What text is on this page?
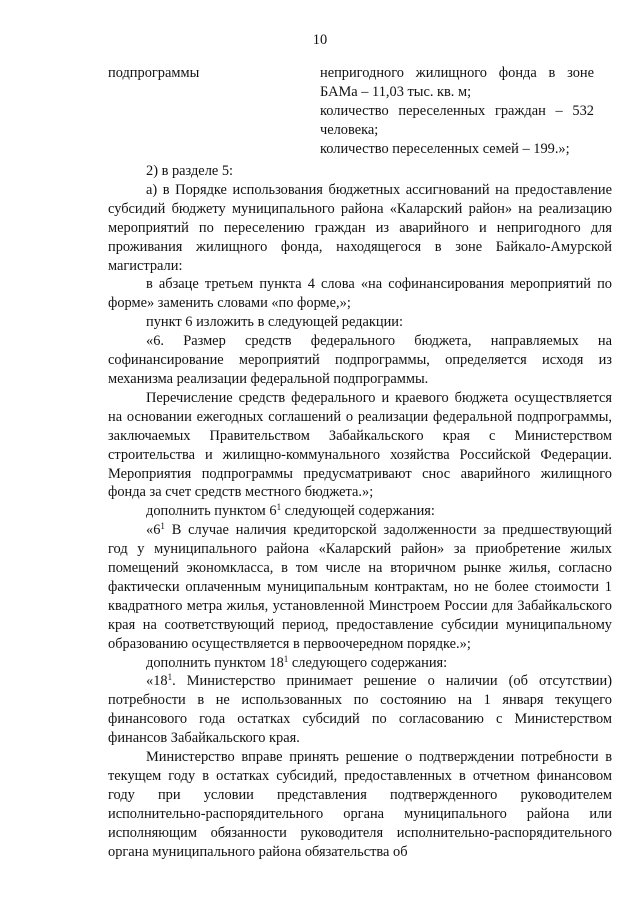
10
подпрограммы	непригодного жилищного фонда в зоне БАМа – 11,03 тыс. кв. м;

количество переселенных граждан – 532 человека;

количество переселенных семей – 199.»;

2) в разделе 5:

а) в Порядке использования бюджетных ассигнований на предоставление субсидий бюджету муниципального района «Каларский район» на реализацию мероприятий по переселению граждан из аварийного и непригодного для проживания жилищного фонда, находящегося в зоне Байкало-Амурской магистрали:

в абзаце третьем пункта 4 слова «на софинансирования мероприятий по форме» заменить словами «по форме,»;

пункт 6 изложить в следующей редакции:

«6. Размер средств федерального бюджета, направляемых на софинансирование мероприятий подпрограммы, определяется исходя из механизма реализации федеральной подпрограммы.

Перечисление средств федерального и краевого бюджета осуществляется на основании ежегодных соглашений о реализации федеральной подпрограммы, заключаемых Правительством Забайкальского края с Министерством строительства и жилищно-коммунального хозяйства Российской Федерации. Мероприятия подпрограммы предусматривают снос аварийного жилищного фонда за счет средств местного бюджета.»;

дополнить пунктом $6^1$ следующей содержания:

«$6^1$ В случае наличия кредиторской задолженности за предшествующий год у муниципального района «Каларский район» за приобретение жилых помещений экономкласса, в том числе на вторичном рынке жилья, согласно фактически оплаченным муниципальным контрактам, но не более стоимости 1 квадратного метра жилья, установленной Минстроем России для Забайкальского края на соответствующий период, предоставление субсидии муниципальному образованию осуществляется в первоочередном порядке.»;

дополнить пунктом $18^1$ следующего содержания:

«$18^1$. Министерство принимает решение о наличии (об отсутствии) потребности в не использованных по состоянию на 1 января текущего финансового года остатках субсидий по согласованию с Министерством финансов Забайкальского края.

Министерство вправе принять решение о подтверждении потребности в текущем году в остатках субсидий, предоставленных в отчетном финансовом году при условии представления подтвержденного руководителем исполнительно-распорядительного органа муниципального района или исполняющим обязанности руководителя исполнительно-распорядительного органа муниципального района обязательства об
